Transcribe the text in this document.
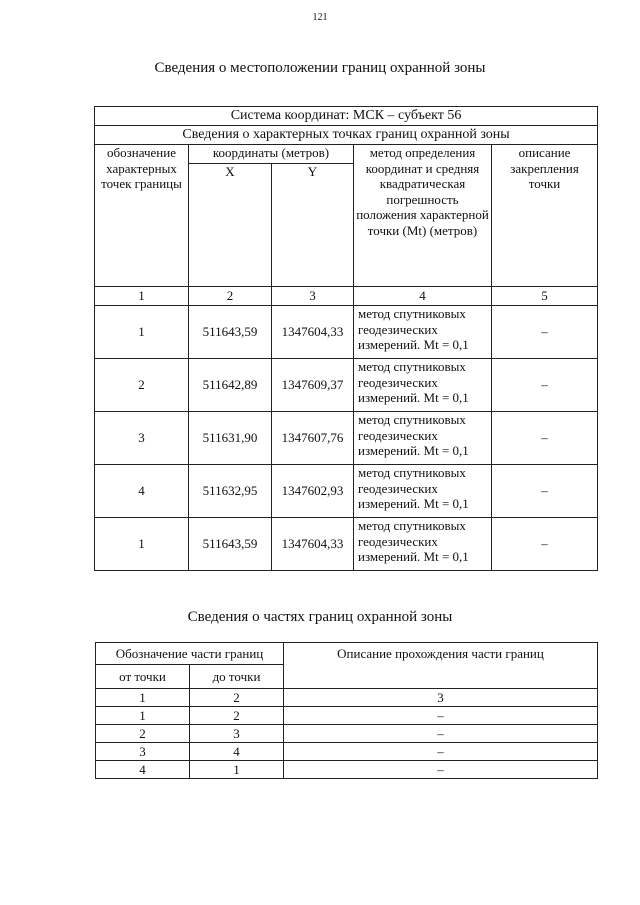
121
Сведения о местоположении границ охранной зоны
Система координат: МСК – субъект 56				
Сведения о характерных точках границ охранной зоны				
обозначение характерных точек границы	координаты (метров)		метод определения координат и средняя квадратическая погрешность положения характерной точки (Mt) (метров)	описание закрепления точки
	X	Y		
1	2	3	4	5
1	511643,59	1347604,33	метод спутниковых геодезических измерений. Mt = 0,1	–
2	511642,89	1347609,37	метод спутниковых геодезических измерений. Mt = 0,1	–
3	511631,90	1347607,76	метод спутниковых геодезических измерений. Mt = 0,1	–
4	511632,95	1347602,93	метод спутниковых геодезических измерений. Mt = 0,1	–
1	511643,59	1347604,33	метод спутниковых геодезических измерений. Mt = 0,1	–
Сведения о частях границ охранной зоны
Обозначение части границ		Описание прохождения части границ
от точки	до точки	
1	2	3
1	2	–
2	3	–
3	4	–
4	1	–
